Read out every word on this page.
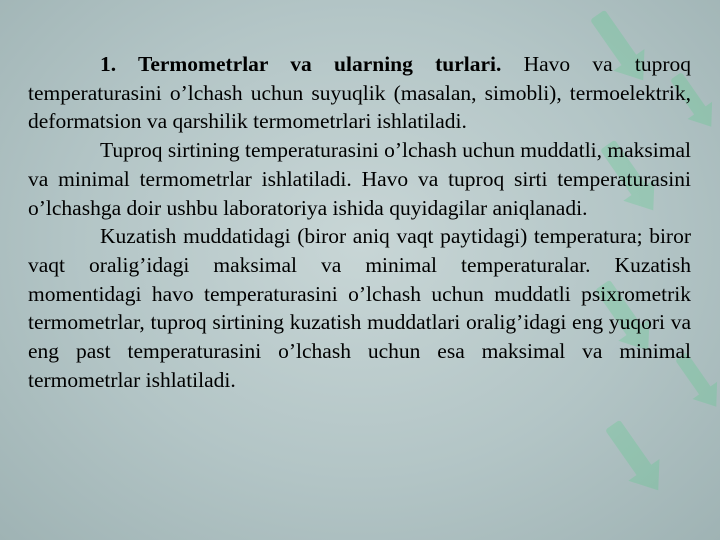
1. Termometrlar va ularning turlari. Havo va tuproq temperaturasini o’lchash uchun suyuqlik (masalan, simobli), termoelektrik, deformatsion va qarshilik termometrlari ishlatiladi.

Tuproq sirtining temperaturasini o’lchash uchun muddatli, maksimal va minimal termometrlar ishlatiladi. Havo va tuproq sirti temperaturasini o’lchashga doir ushbu laboratoriya ishida quyidagilar aniqlanadi.

Kuzatish muddatidagi (biror aniq vaqt paytidagi) temperatura; biror vaqt oralig’idagi maksimal va minimal temperaturalar. Kuzatish momentidagi havo temperaturasini o’lchash uchun muddatli psixrometrik termometrlar, tuproq sirtining kuzatish muddatlari oralig’idagi eng yuqori va eng past temperaturasini o’lchash uchun esa maksimal va minimal termometrlar ishlatiladi.
